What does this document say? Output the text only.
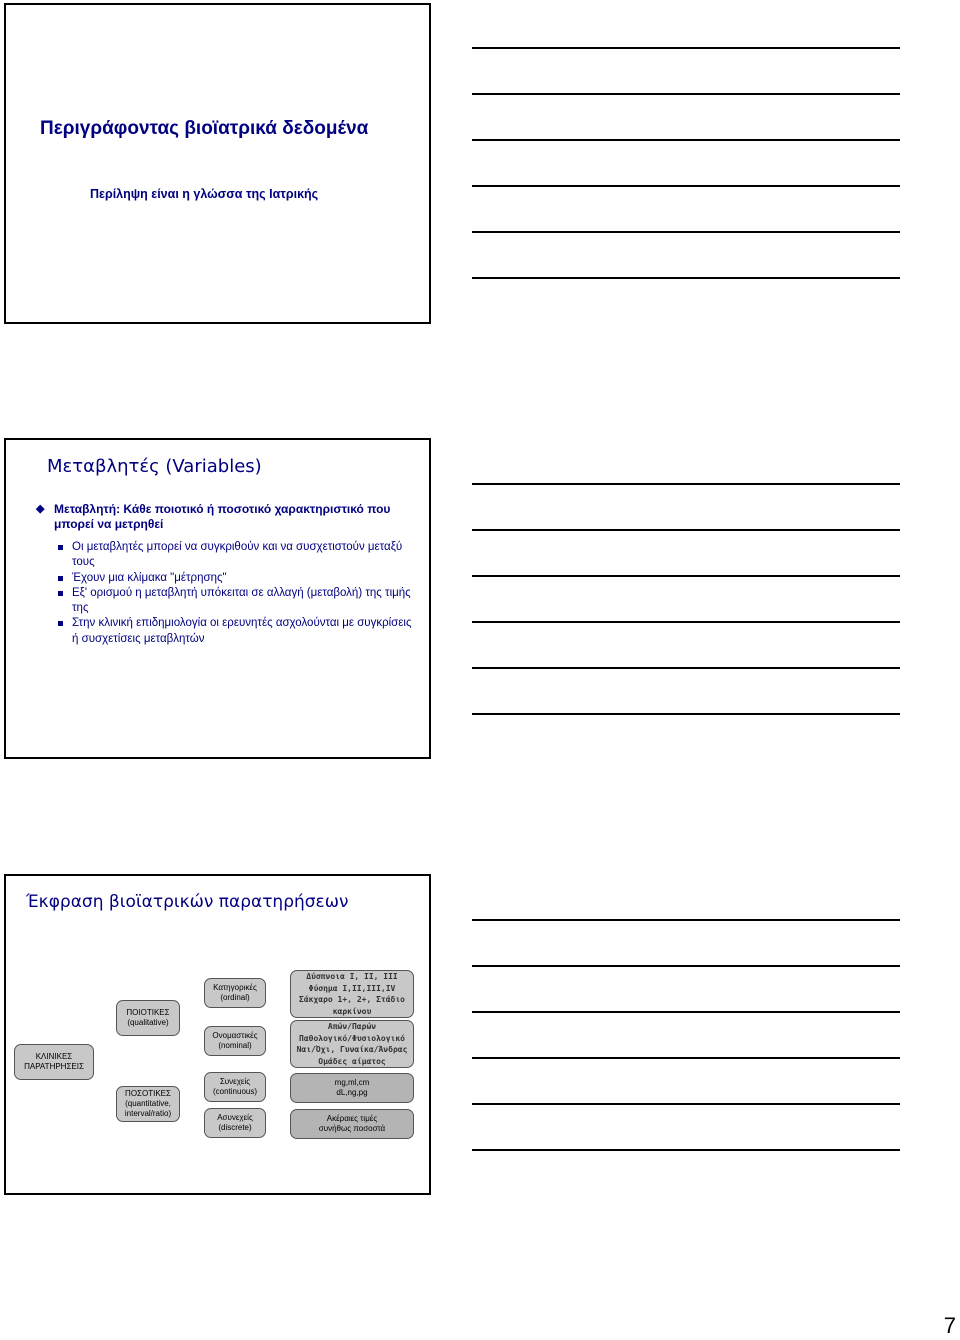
Περιγράφοντας βιοϊατρικά δεδομένα
Περίληψη είναι η γλώσσα της Ιατρικής
Μεταβλητές (Variables)
◆ Μεταβλητή: Κάθε ποιοτικό ή ποσοτικό χαρακτηριστικό που μπορεί να μετρηθεί
Οι μεταβλητές μπορεί να συγκριθούν και να συσχετιστούν μεταξύ τους
Έχουν μια κλίμακα "μέτρησης"
Εξ' ορισμού η μεταβλητή υπόκειται σε αλλαγή (μεταβολή) της τιμής της
Στην κλινική επιδημιολογία οι ερευνητές ασχολούνται με συγκρίσεις ή συσχετίσεις μεταβλητών
Έκφραση βιοϊατρικών παρατηρήσεων
ΚΛΙΝΙΚΕΣ
ΠΑΡΑΤΗΡΗΣΕΙΣ
ΠΟΙΟΤΙΚΕΣ
(qualitative)
ΠΟΣΟΤΙΚΕΣ
(quantitative,
interval/ratio)
Κατηγορικές
(ordinal)
Ονομαστικές
(nominal)
Συνεχείς
(continuous)
Ασυνεχείς
(discrete)
Δύσπνοια Ι, ΙΙ, ΙΙΙ
Φύσημα Ι,ΙΙ,ΙΙΙ,ΙV
Σάκχαρο 1+, 2+, Στάδιο
καρκίνου
Απών/Παρών
Παθολογικό/Φυσιολογικό
Ναι/Όχι, Γυναίκα/Άνδρας
Ομάδες αίματος
mg,ml,cm
dL,ng,pg
Ακέραιες τιμές
συνήθως ποσοστά
7
